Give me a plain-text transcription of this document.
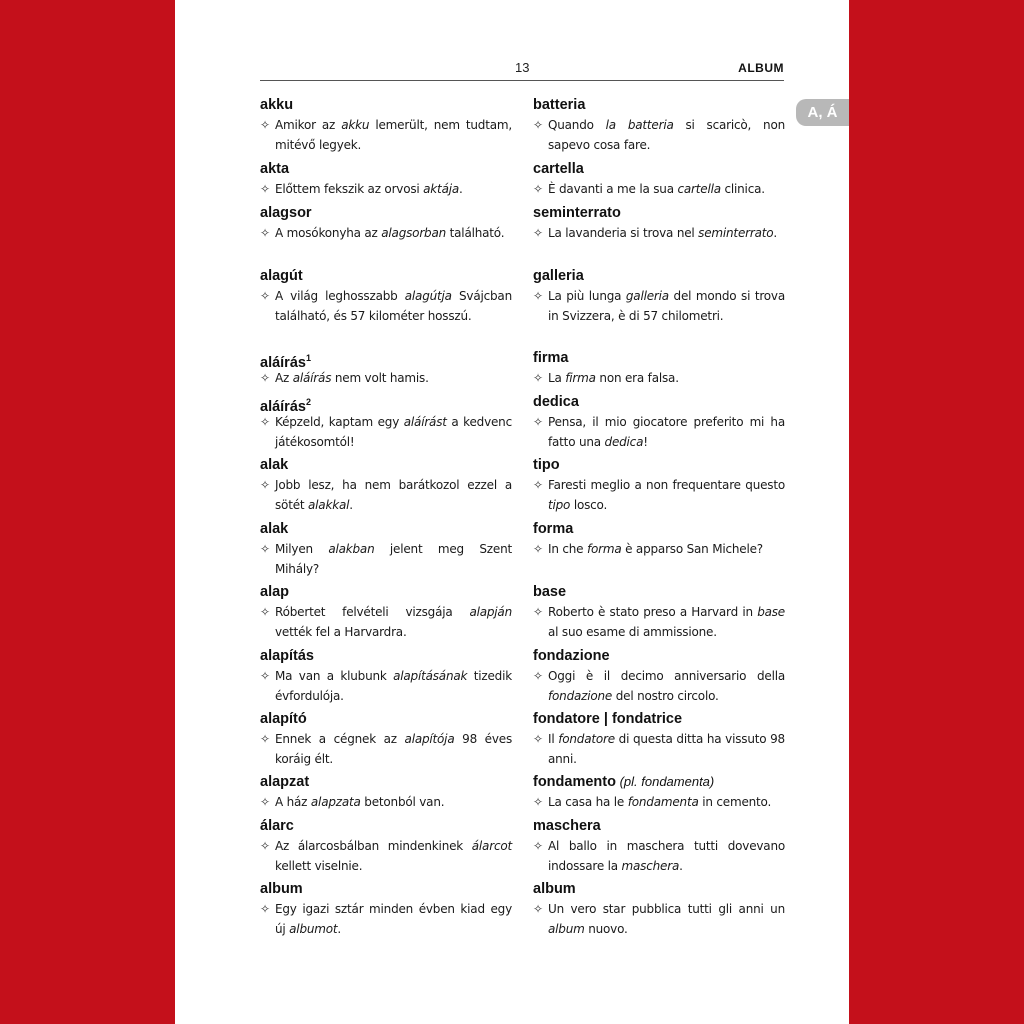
13	ALBUM
A, Á
akku
✧ Amikor az akku lemerült, nem tudtam, mitévő legyek.
akta
✧ Előttem fekszik az orvosi aktája.
alagsor
✧ A mosókonyha az alagsorban található.
alagút
✧ A világ leghosszabb alagútja Svájcban található, és 57 kilométer hosszú.
aláírás$^1$
✧ Az aláírás nem volt hamis.
aláírás$^2$
✧ Képzeld, kaptam egy aláírást a kedvenc játékosomtól!
alak
✧ Jobb lesz, ha nem barátkozol ezzel a sötét alakkal.
alak
✧ Milyen alakban jelent meg Szent Mihály?
alap
✧ Róbertet felvételi vizsgája alapján vették fel a Harvardra.
alapítás
✧ Ma van a klubunk alapításának tizedik évfordulója.
alapító
✧ Ennek a cégnek az alapítója 98 éves koráig élt.
alapzat
✧ A ház alapzata betonból van.
álarc
✧ Az álarcosbálban mindenkinek álarcot kellett viselnie.
album
✧ Egy igazi sztár minden évben kiad egy új albumot.
batteria
✧ Quando la batteria si scaricò, non sapevo cosa fare.
cartella
✧ È davanti a me la sua cartella clinica.
seminterrato
✧ La lavanderia si trova nel seminterrato.
galleria
✧ La più lunga galleria del mondo si trova in Svizzera, è di 57 chilometri.
firma
✧ La firma non era falsa.
dedica
✧ Pensa, il mio giocatore preferito mi ha fatto una dedica!
tipo
✧ Faresti meglio a non frequentare questo tipo losco.
forma
✧ In che forma è apparso San Michele?
base
✧ Roberto è stato preso a Harvard in base al suo esame di ammissione.
fondazione
✧ Oggi è il decimo anniversario della fondazione del nostro circolo.
fondatore | fondatrice
✧ Il fondatore di questa ditta ha vissuto 98 anni.
fondamento (pl. fondamenta)
✧ La casa ha le fondamenta in cemento.
maschera
✧ Al ballo in maschera tutti dovevano indossare la maschera.
album
✧ Un vero star pubblica tutti gli anni un album nuovo.
